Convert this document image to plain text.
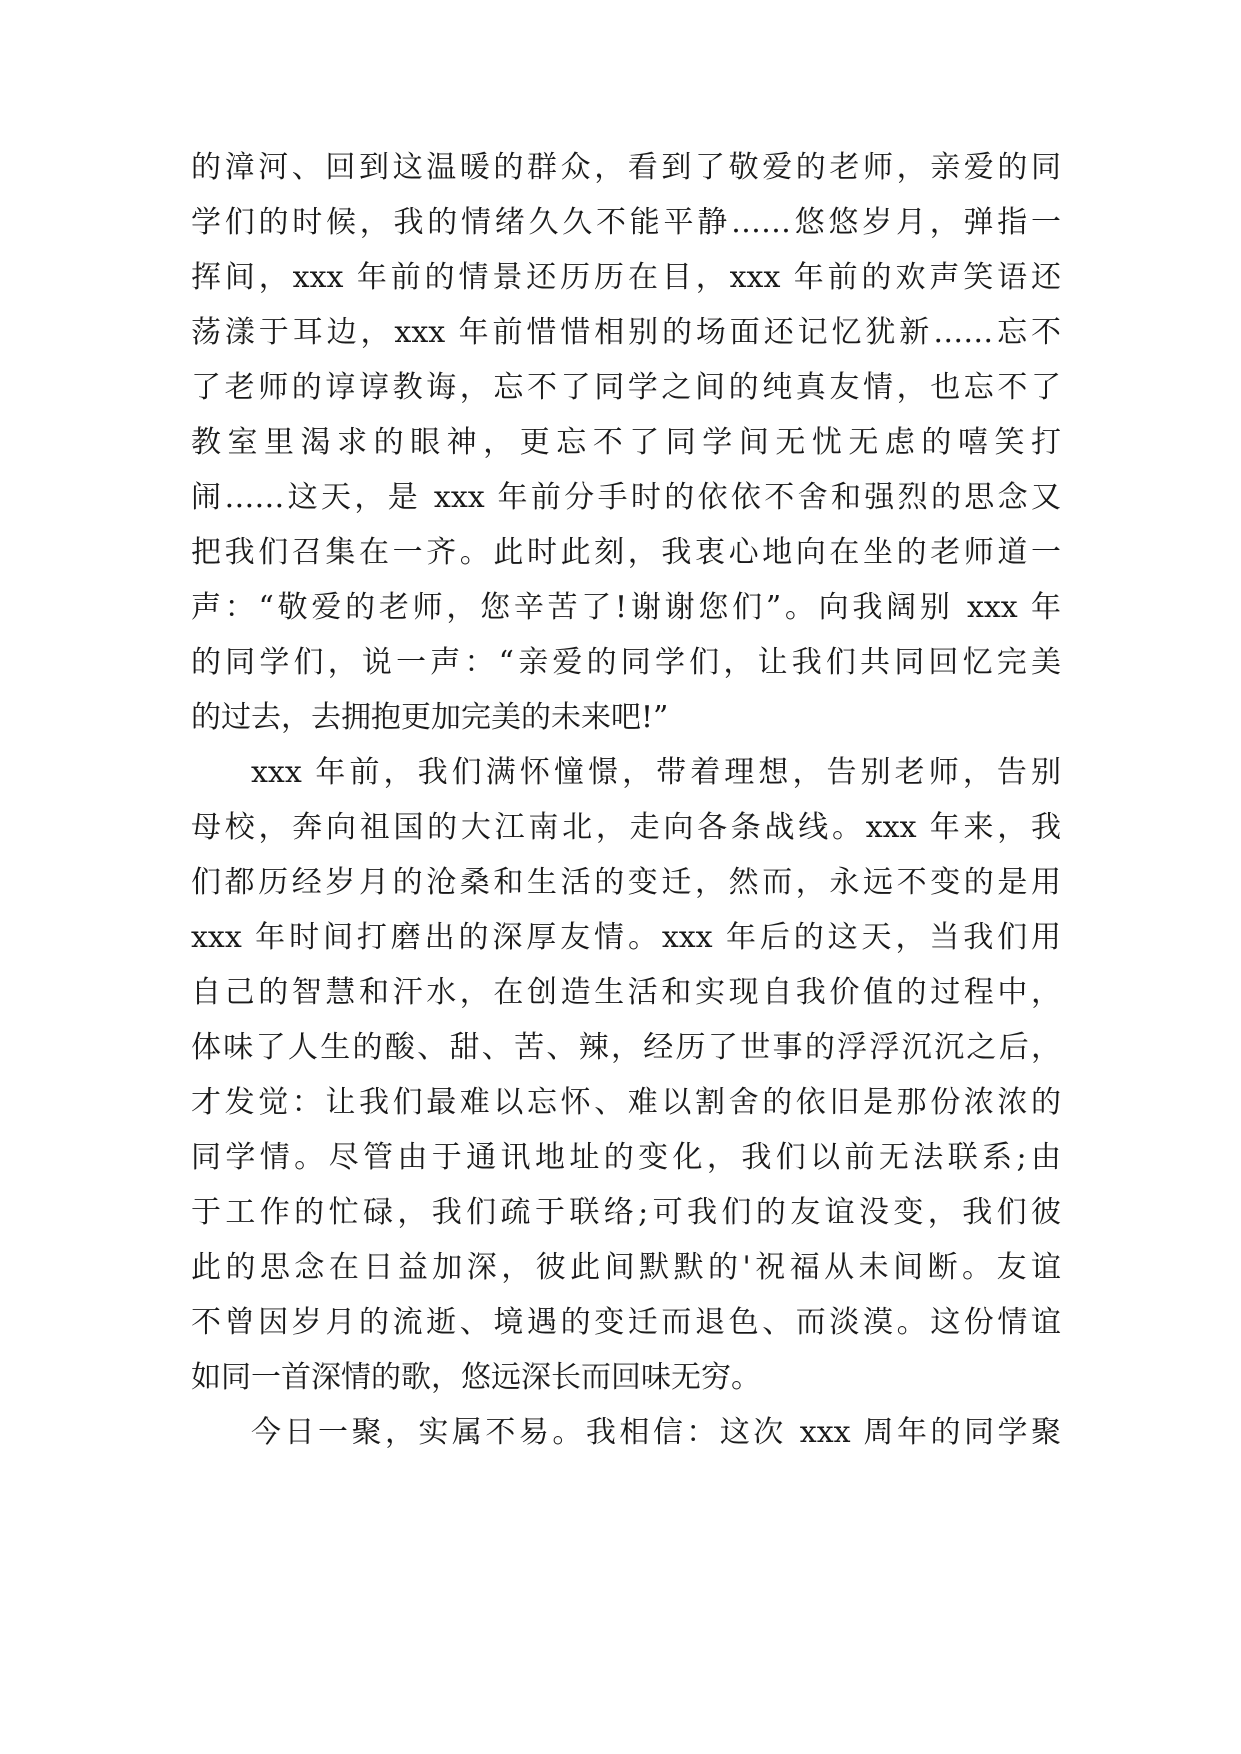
的漳河、回到这温暖的群众，看到了敬爱的老师，亲爱的同
学们的时候，我的情绪久久不能平静……悠悠岁月，弹指一
挥间，xxx 年前的情景还历历在目，xxx 年前的欢声笑语还
荡漾于耳边，xxx 年前惜惜相别的场面还记忆犹新……忘不
了老师的谆谆教诲，忘不了同学之间的纯真友情，也忘不了
教室里渴求的眼神，更忘不了同学间无忧无虑的嘻笑打
闹……这天，是 xxx 年前分手时的依依不舍和强烈的思念又
把我们召集在一齐。此时此刻，我衷心地向在坐的老师道一
声：“敬爱的老师，您辛苦了!谢谢您们”。向我阔别 xxx 年
的同学们，说一声：“亲爱的同学们，让我们共同回忆完美
的过去，去拥抱更加完美的未来吧!”
xxx 年前，我们满怀憧憬，带着理想，告别老师，告别
母校，奔向祖国的大江南北，走向各条战线。xxx 年来，我
们都历经岁月的沧桑和生活的变迁，然而，永远不变的是用
xxx 年时间打磨出的深厚友情。xxx 年后的这天，当我们用
自己的智慧和汗水，在创造生活和实现自我价值的过程中，
体味了人生的酸、甜、苦、辣，经历了世事的浮浮沉沉之后，
才发觉：让我们最难以忘怀、难以割舍的依旧是那份浓浓的
同学情。尽管由于通讯地址的变化，我们以前无法联系;由
于工作的忙碌，我们疏于联络;可我们的友谊没变，我们彼
此的思念在日益加深，彼此间默默的'祝福从未间断。友谊
不曾因岁月的流逝、境遇的变迁而退色、而淡漠。这份情谊
如同一首深情的歌，悠远深长而回味无穷。
今日一聚，实属不易。我相信：这次 xxx 周年的同学聚
